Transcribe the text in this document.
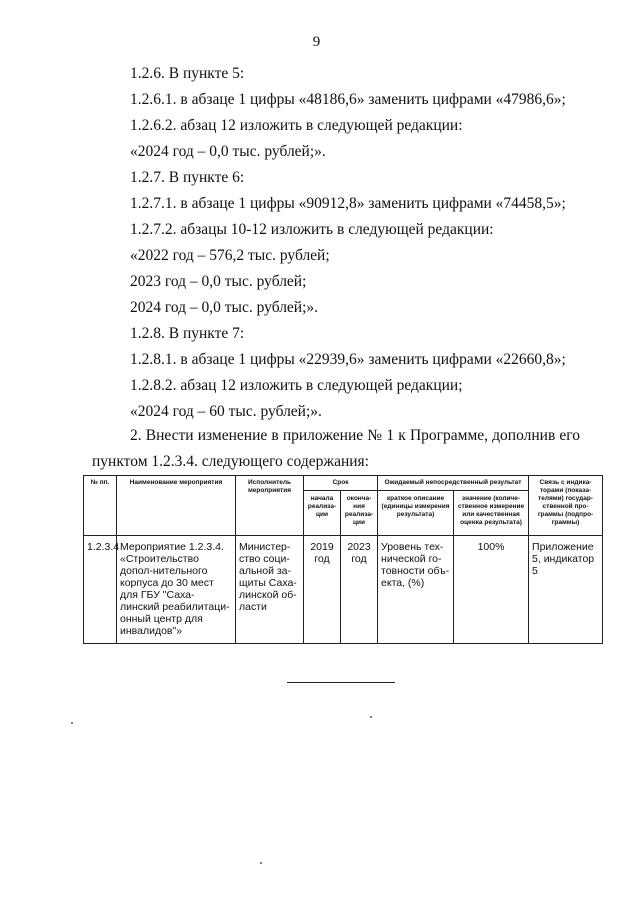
9
1.2.6. В пункте 5:
1.2.6.1. в абзаце 1 цифры «48186,6» заменить цифрами «47986,6»;
1.2.6.2. абзац 12 изложить в следующей редакции:
«2024 год – 0,0 тыс. рублей;».
1.2.7. В пункте 6:
1.2.7.1. в абзаце 1 цифры «90912,8» заменить цифрами «74458,5»;
1.2.7.2. абзацы 10-12 изложить в следующей редакции:
«2022 год – 576,2 тыс. рублей;
2023 год – 0,0 тыс. рублей;
2024 год – 0,0 тыс. рублей;».
1.2.8. В пункте 7:
1.2.8.1. в абзаце 1 цифры «22939,6» заменить цифрами «22660,8»;
1.2.8.2. абзац 12 изложить в следующей редакции;
«2024 год – 60 тыс. рублей;».
2. Внести изменение в приложение № 1 к Программе, дополнив его
пунктом 1.2.3.4. следующего содержания:
№ пп.	Наименование мероприятия	Исполнитель мероприятия	Срок		Ожидаемый непосредственный результат		Связь с индика-торами (показа-телями) государ-ственной про-граммы (подпро-граммы)
			начала реализа-ции	оконча-ния реализа-ции	краткое описание (единицы измерения результата)	значение (количе-ственное измерение или качественная оценка результата)	
1.2.3.4	Мероприятие 1.2.3.4. «Строительство допол-нительного корпуса до 30 мест для ГБУ "Саха-линский реабилитаци-онный центр для инвалидов"»	Министер-ство соци-альной за-щиты Саха-линской об-ласти	2019 год	2023 год	Уровень тех-нической го-товности объ-екта, (%)	100%	Приложение 5, индикатор 5
